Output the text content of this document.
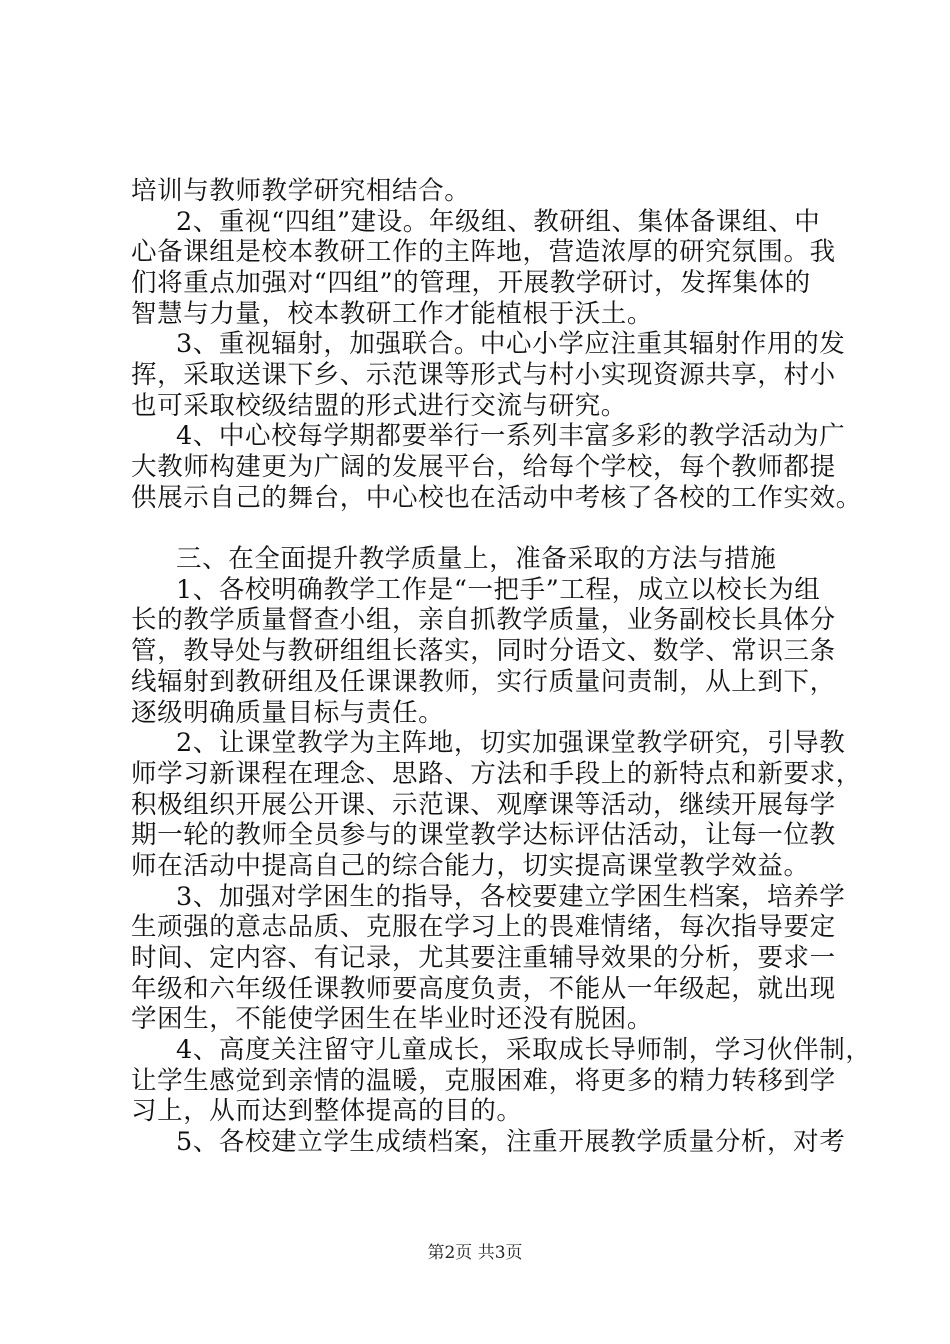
培训与教师教学研究相结合。
2、重视“四组”建设。年级组、教研组、集体备课组、中
心备课组是校本教研工作的主阵地，营造浓厚的研究氛围。我
们将重点加强对“四组”的管理，开展教学研讨，发挥集体的
智慧与力量，校本教研工作才能植根于沃土。
3、重视辐射，加强联合。中心小学应注重其辐射作用的发
挥，采取送课下乡、示范课等形式与村小实现资源共享，村小
也可采取校级结盟的形式进行交流与研究。
4、中心校每学期都要举行一系列丰富多彩的教学活动为广
大教师构建更为广阔的发展平台，给每个学校，每个教师都提
供展示自己的舞台，中心校也在活动中考核了各校的工作实效。
三、在全面提升教学质量上，准备采取的方法与措施
1、各校明确教学工作是“一把手”工程，成立以校长为组
长的教学质量督查小组，亲自抓教学质量，业务副校长具体分
管，教导处与教研组组长落实，同时分语文、数学、常识三条
线辐射到教研组及任课课教师，实行质量问责制，从上到下，
逐级明确质量目标与责任。
2、让课堂教学为主阵地，切实加强课堂教学研究，引导教
师学习新课程在理念、思路、方法和手段上的新特点和新要求，
积极组织开展公开课、示范课、观摩课等活动，继续开展每学
期一轮的教师全员参与的课堂教学达标评估活动，让每一位教
师在活动中提高自己的综合能力，切实提高课堂教学效益。
3、加强对学困生的指导，各校要建立学困生档案，培养学
生顽强的意志品质、克服在学习上的畏难情绪，每次指导要定
时间、定内容、有记录，尤其要注重辅导效果的分析，要求一
年级和六年级任课教师要高度负责，不能从一年级起，就出现
学困生，不能使学困生在毕业时还没有脱困。
4、高度关注留守儿童成长，采取成长导师制，学习伙伴制，
让学生感觉到亲情的温暖，克服困难，将更多的精力转移到学
习上，从而达到整体提高的目的。
5、各校建立学生成绩档案，注重开展教学质量分析，对考
第2页 共3页
